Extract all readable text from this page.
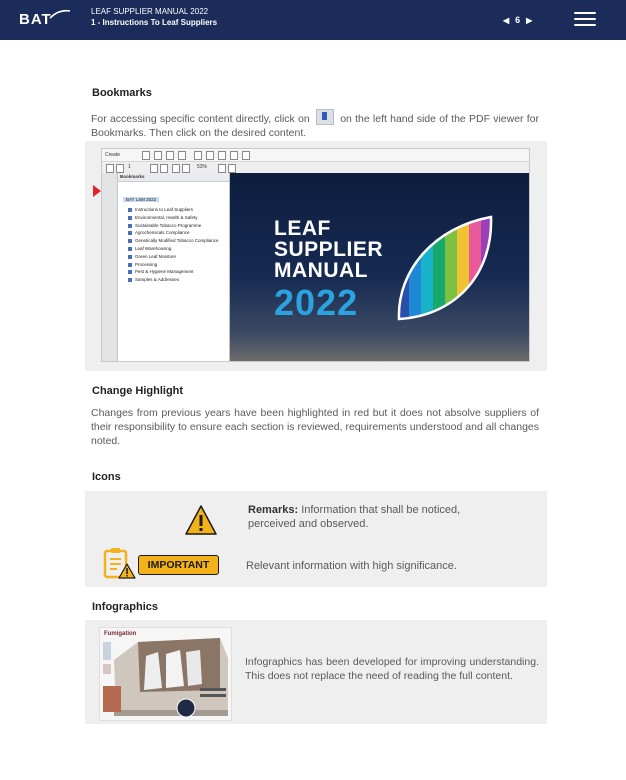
BAT	LEAF SUPPLIER MANUAL 2022
1 - Instructions To Leaf Suppliers	◀ 6 ▶
Bookmarks
For accessing specific content directly, click on	on the left hand side of the PDF viewer for Bookmarks. Then click on the desired content.
Create
1	53%
Bookmarks
BAT LSM 2022
Instructions to Leaf Suppliers
Environmental, Health & Safety
Sustainable Tobacco Programme
Agrochemicals Compliance
Genetically Modified Tobacco Compliance
Leaf Warehousing
Green Leaf Moisture
Processing
Pest & Hygiene Management
Samples & Addresses
LEAF
SUPPLIER
MANUAL
2022
Change Highlight
Changes from previous years have been highlighted in red but it does not absolve suppliers of their responsibility to ensure each section is reviewed, requirements understood and all changes noted.
Icons
Remarks: Information that shall be noticed, perceived and observed.
IMPORTANT	Relevant information with high significance.
Infographics
Fumigation
Infographics has been developed for improving understanding. This does not replace the need of reading the full content.
